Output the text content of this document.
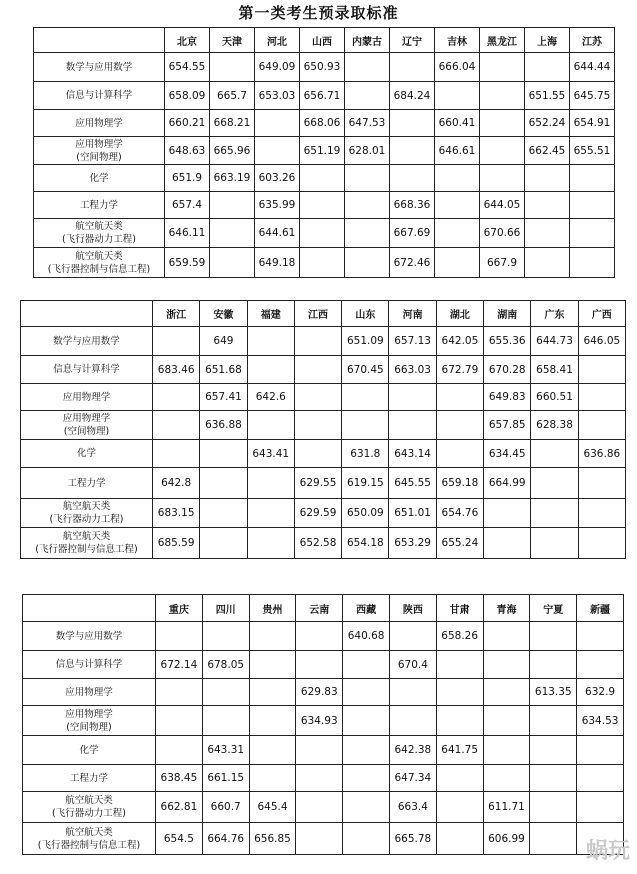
第一类考生预录取标准
	北京	天津	河北	山西	内蒙古	辽宁	吉林	黑龙江	上海	江苏

数学与应用数学	654.55		649.09	650.93			666.04			644.44

信息与计算科学	658.09	665.7	653.03	656.71		684.24			651.55	645.75

应用物理学	660.21	668.21		668.06	647.53		660.41		652.24	654.91

应用物理学
(空间物理)	648.63	665.96		651.19	628.01		646.61		662.45	655.51

化学	651.9	663.19	603.26							

工程力学	657.4		635.99			668.36		644.05		

航空航天类
(飞行器动力工程)	646.11		644.61			667.69		670.66		

航空航天类
(飞行器控制与信息工程)	659.59		649.18			672.46		667.9		
	浙江	安徽	福建	江西	山东	河南	湖北	湖南	广东	广西

数学与应用数学		649			651.09	657.13	642.05	655.36	644.73	646.05

信息与计算科学	683.46	651.68			670.45	663.03	672.79	670.28	658.41	

应用物理学		657.41	642.6					649.83	660.51	

应用物理学
(空间物理)		636.88						657.85	628.38	

化学			643.41		631.8	643.14		634.45		636.86

工程力学	642.8			629.55	619.15	645.55	659.18	664.99		

航空航天类
(飞行器动力工程)	683.15			629.59	650.09	651.01	654.76			

航空航天类
(飞行器控制与信息工程)	685.59			652.58	654.18	653.29	655.24			
	重庆	四川	贵州	云南	西藏	陕西	甘肃	青海	宁夏	新疆

数学与应用数学					640.68		658.26			

信息与计算科学	672.14	678.05				670.4				

应用物理学				629.83					613.35	632.9

应用物理学
(空间物理)				634.93						634.53

化学		643.31				642.38	641.75			

工程力学	638.45	661.15				647.34				

航空航天类
(飞行器动力工程)	662.81	660.7	645.4			663.4		611.71		

航空航天类
(飞行器控制与信息工程)	654.5	664.76	656.85			665.78		606.99		
蜗玩
